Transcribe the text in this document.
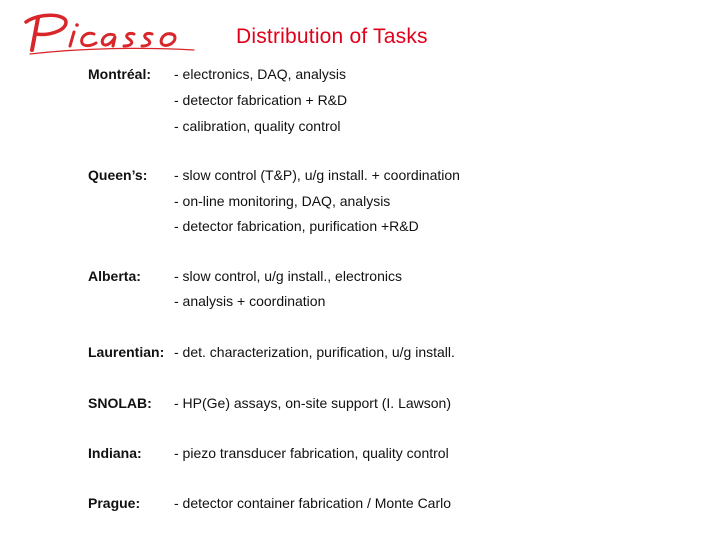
Distribution of Tasks
Montréal: - electronics, DAQ, analysis
- detector fabrication + R&D
- calibration, quality control
Queen’s: - slow control (T&P), u/g install. + coordination
- on-line monitoring, DAQ, analysis
- detector fabrication, purification +R&D
Alberta: - slow control, u/g install., electronics
- analysis + coordination
Laurentian: - det. characterization, purification, u/g install.
SNOLAB: - HP(Ge) assays, on-site support (I. Lawson)
Indiana: - piezo transducer fabrication, quality control
Prague: - detector container fabrication / Monte Carlo
